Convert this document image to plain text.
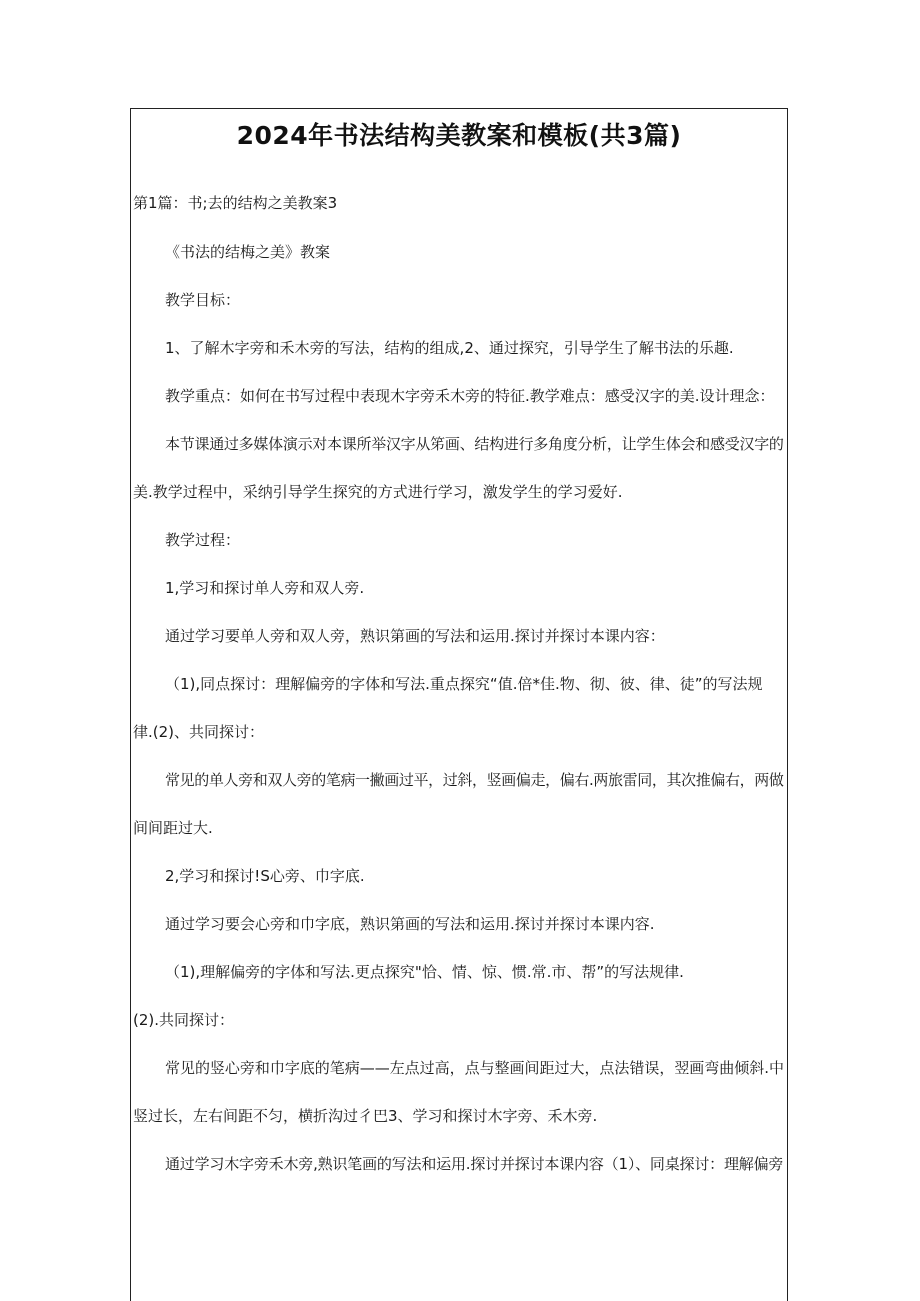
2024年书法结构美教案和模板(共3篇)
第1篇：书;去的结构之美教案3
《书法的结梅之美》教案
教学目标：
1、了解木字旁和禾木旁的写法，结构的组成,2、通过探究，引导学生了解书法的乐趣.
教学重点：如何在书写过程中表现木字旁禾木旁的特征.教学难点：感受汉字的美.设计理念：
本节课通过多媒体演示对本课所举汉字从笫画、结构进行多角度分析，让学生体会和感受汉字的
美.教学过程中，采纳引导学生探究的方式进行学习，激发学生的学习爱好.
教学过程：
1,学习和探讨单人旁和双人旁.
通过学习要单人旁和双人旁，熟识第画的写法和运用.探讨并探讨本课内容：
（1),同点探讨：理解偏旁的字体和写法.重点探究“值.倍*佳.物、彻、彼、律、徒”的写法规
律.(2)、共同探讨：
常见的单人旁和双人旁的笔病一撇画过平，过斜，竖画偏走，偏右.两旅雷同，其次推偏右，两做
间间距过大.
2,学习和探讨!S心旁、巾字底.
通过学习要会心旁和巾字底，熟识第画的写法和运用.探讨并探讨本课内容.
（1),理解偏旁的字体和写法.更点探究"恰、情、惊、惯.常.市、帮”的写法规律.
(2).共同探讨：
常见的竖心旁和巾字底的笔病——左点过高，点与整画间距过大，点法错误，翌画弯曲倾斜.中
竖过长，左右间距不匀，横折沟过彳巴3、学习和探讨木字旁、禾木旁.
通过学习木字旁禾木旁,熟识笔画的写法和运用.探讨并探讨本课内容（1）、同桌探讨：理解偏旁
